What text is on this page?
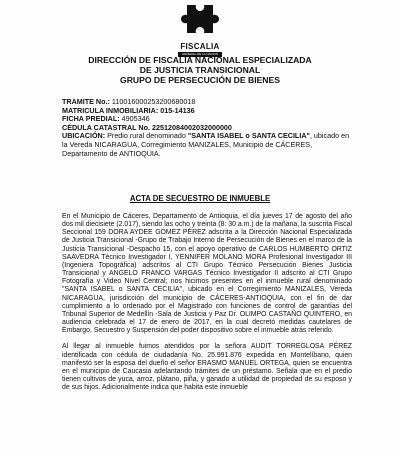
FISCALIA
GENERAL DE LA NACION
DIRECCIÓN DE FISCALÍA NACIONAL ESPECIALIZADA
DE JUSTICIA TRANSICIONAL
GRUPO DE PERSECUCIÓN DE BIENES
TRAMITE No.: 110016000253200680018
MATRICULA INMOBILIARIA: 015-14136
FICHA PREDIAL: 4905346
CÉDULA CATASTRAL No. 22512084002032000000
UBICACIÓN: Predio rural denominado "SANTA ISABEL o SANTA CECILIA", ubicado en la Vereda NICARAGUA, Corregimiento MANIZALES, Municipio de CÁCERES, Departamento de ANTIOQUIA.
ACTA DE SECUESTRO DE INMUEBLE

En el Municipio de Cáceres, Departamento de Antioquia, el día jueves 17 de agosto del año dos mil diecisiete (2.017), siendo las ocho y treinta (8: 30 a.m.) de la mañana, la suscrita Fiscal Seccional 159 DORA AYDEE GÓMEZ PÉREZ adscrita a la Dirección Nacional Especializada de Justicia Transicional -Grupo de Trabajo Interno de Persecución de Bienes en el marco de la Justicia Transicional -Despacho 15, con el apoyo operativo de CARLOS HUMBERTO ORTIZ SAAVEDRA Técnico Investigador I, YENNIFER MOLANO MORA Profesional Investigador III (Ingeniera Topográfica) adscritos al CTI Grupo Técnico Persecución Bienes Justicia Transicional y ANGELO FRANCO VARGAS Técnico Investigador II adscrito al CTI Grupo Fotografía y Video Nivel Central; nos hicimos presentes en el inmueble rural denominado "SANTA ISABEL o SANTA CECILIA", ubicado en el Corregimiento MANIZALES, Vereda NICARAGUA, jurisdicción del municipio de CÁCERES-ANTIOQUIA, con el fin de dar cumplimiento a lo ordenado por el Magistrado con funciones de control de garantías del Tribunal Superior de Medellín -Sala de Justicia y Paz Dr. OLIMPO CASTAÑO QUINTERO, en audiencia celebrada el 17 de enero de 2017, en la cual decretó medidas cautelares de Embargo, Secuestro y Suspensión del poder dispositivo sobre el inmueble atrás referido.

Al llegar al inmueble fuimos atendidos por la señora AUDIT TORREGLOSA PÉREZ identificada con cédula de ciudadanía No. 25.991.876 expedida en Montelíbano, quien manifestó ser la esposa del dueño el señor ERASMO MANUEL ORTEGA, quien se encuentra en el municipio de Caucasia adelantando trámites de un préstamo. Señala que en el predio tienen cultivos de yuca, arroz, plátano, piña, y ganado a utilidad de propiedad de su esposo y de sus hijos. Adicionalmente indica que habita este inmueble
